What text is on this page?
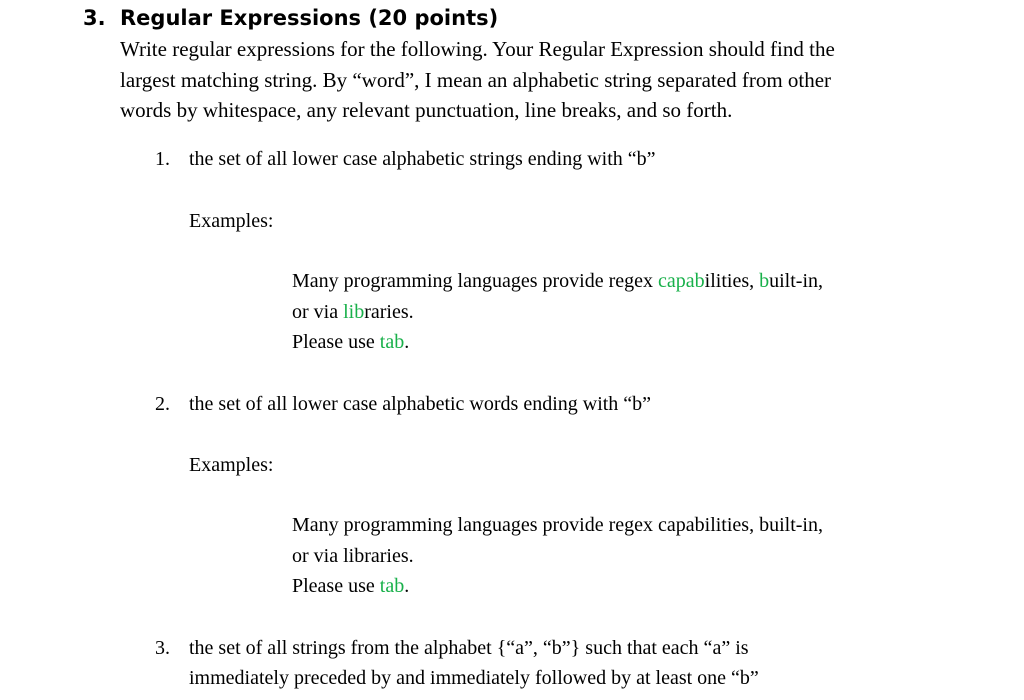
3. Regular Expressions (20 points)
Write regular expressions for the following. Your Regular Expression should find the
largest matching string. By “word”, I mean an alphabetic string separated from other
words by whitespace, any relevant punctuation, line breaks, and so forth.
1. the set of all lower case alphabetic strings ending with “b”
Examples:
Many programming languages provide regex capabilities, built-in,
or via libraries.
Please use tab.
2. the set of all lower case alphabetic words ending with “b”
Examples:
Many programming languages provide regex capabilities, built-in,
or via libraries.
Please use tab.
3. the set of all strings from the alphabet {“a”, “b”} such that each “a” is
immediately preceded by and immediately followed by at least one “b”
